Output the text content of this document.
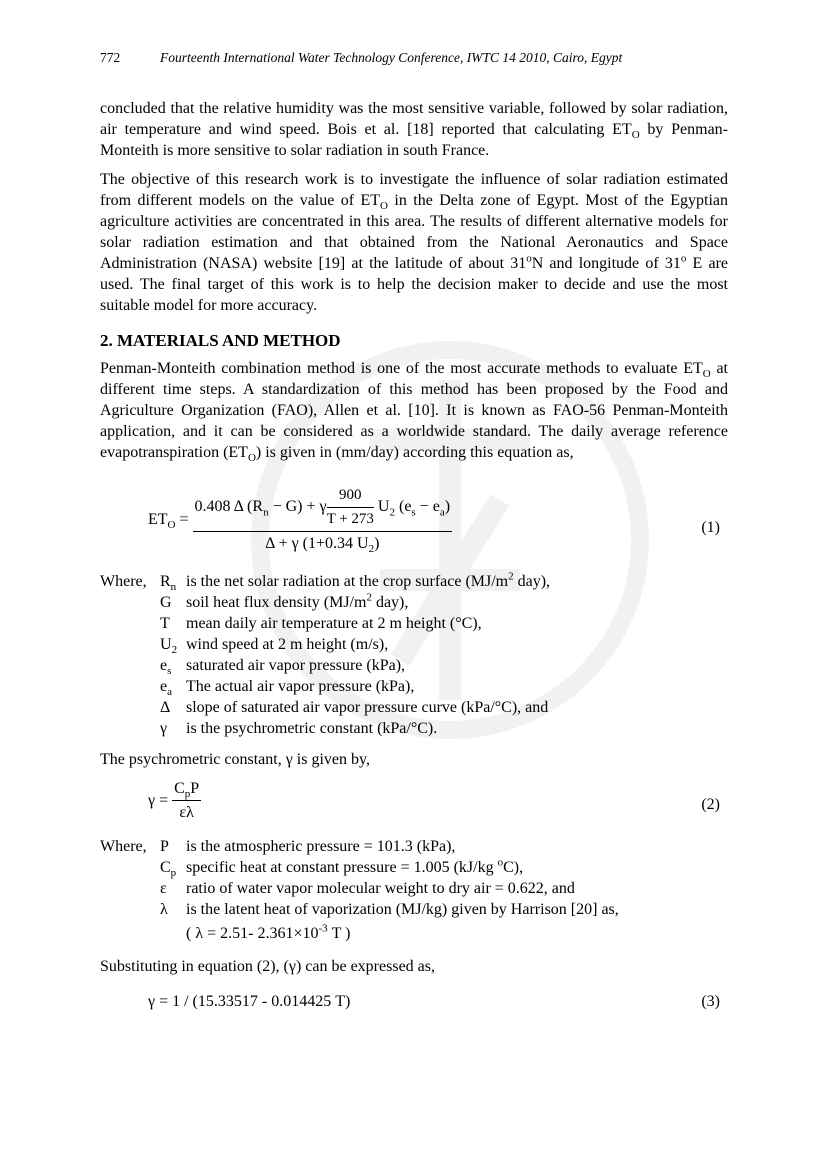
772	Fourteenth International Water Technology Conference, IWTC 14 2010, Cairo, Egypt

concluded that the relative humidity was the most sensitive variable, followed by solar radiation, air temperature and wind speed. Bois et al. [18] reported that calculating $ET_O$ by Penman-Monteith is more sensitive to solar radiation in south France.

The objective of this research work is to investigate the influence of solar radiation estimated from different models on the value of $ET_O$ in the Delta zone of Egypt. Most of the Egyptian agriculture activities are concentrated in this area. The results of different alternative models for solar radiation estimation and that obtained from the National Aeronautics and Space Administration (NASA) website [19] at the latitude of about 31$^o$N and longitude of 31$^o$ E are used. The final target of this work is to help the decision maker to decide and use the most suitable model for more accuracy.

2. MATERIALS AND METHOD

Penman-Monteith combination method is one of the most accurate methods to evaluate $ET_O$ at different time steps. A standardization of this method has been proposed by the Food and Agriculture Organization (FAO), Allen et al. [10]. It is known as FAO-56 Penman-Monteith application, and it can be considered as a worldwide standard. The daily average reference evapotranspiration $(ET_O)$ is given in (mm/day) according this equation as,

$ET_O = \frac{0.408 \Delta (R_n - G) + \gamma \frac{900}{T + 273} U_2 (e_s - e_a)}{\Delta + \gamma (1+0.34 U_2)}$	(1)
Where, $R_n$ is the net solar radiation at the crop surface ($MJ/m^2$ day),
G soil heat flux density ($MJ/m^2$ day),
T mean daily air temperature at 2 m height (°C),
$U_2$ wind speed at 2 m height (m/s),
$e_s$ saturated air vapor pressure (kPa),
$e_a$ The actual air vapor pressure (kPa),
Δ slope of saturated air vapor pressure curve (kPa/°C), and
γ is the psychrometric constant (kPa/°C).

The psychrometric constant, γ is given by,

$\gamma = \frac{C_pP}{\varepsilon\lambda}$	(2)
Where, P is the atmospheric pressure = 101.3 (kPa),
$C_p$ specific heat at constant pressure = 1.005 (kJ/kg $^o$C),
ε ratio of water vapor molecular weight to dry air = 0.622, and
λ is the latent heat of vaporization (MJ/kg) given by Harrison [20] as,
( λ = 2.51- $2.361\times 10^{-3}$ T )

Substituting in equation (2), (γ) can be expressed as,

γ = 1 / (15.33517 - 0.014425 T)	(3)
